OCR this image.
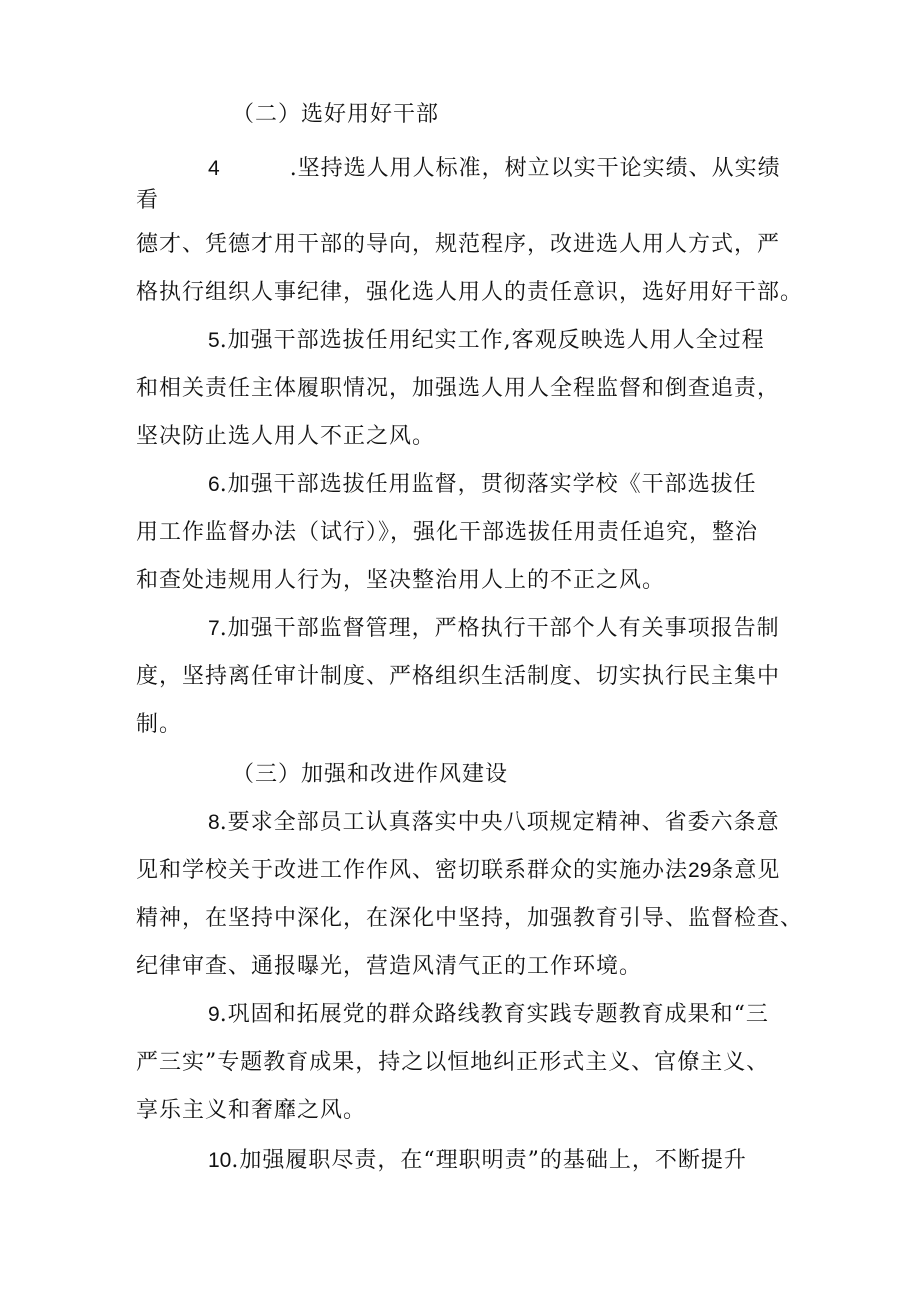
（二）选好用好干部
4	.坚持选人用人标准，树立以实干论实绩、从实绩
看
德才、凭德才用干部的导向，规范程序，改进选人用人方式，严
格执行组织人事纪律，强化选人用人的责任意识，选好用好干部。
5.加强干部选拔任用纪实工作,客观反映选人用人全过程
和相关责任主体履职情况，加强选人用人全程监督和倒查追责，
坚决防止选人用人不正之风。
6.加强干部选拔任用监督，贯彻落实学校《干部选拔任
用工作监督办法（试行）》，强化干部选拔任用责任追究，整治
和查处违规用人行为，坚决整治用人上的不正之风。
7.加强干部监督管理，严格执行干部个人有关事项报告制
度，坚持离任审计制度、严格组织生活制度、切实执行民主集中
制。
（三）加强和改进作风建设
8.要求全部员工认真落实中央八项规定精神、省委六条意
见和学校关于改进工作作风、密切联系群众的实施办法29条意见
精神，在坚持中深化，在深化中坚持，加强教育引导、监督检查、
纪律审查、通报曝光，营造风清气正的工作环境。
9.巩固和拓展党的群众路线教育实践专题教育成果和“三
严三实”专题教育成果，持之以恒地纠正形式主义、官僚主义、
享乐主义和奢靡之风。
10.加强履职尽责，在“理职明责”的基础上，不断提升
